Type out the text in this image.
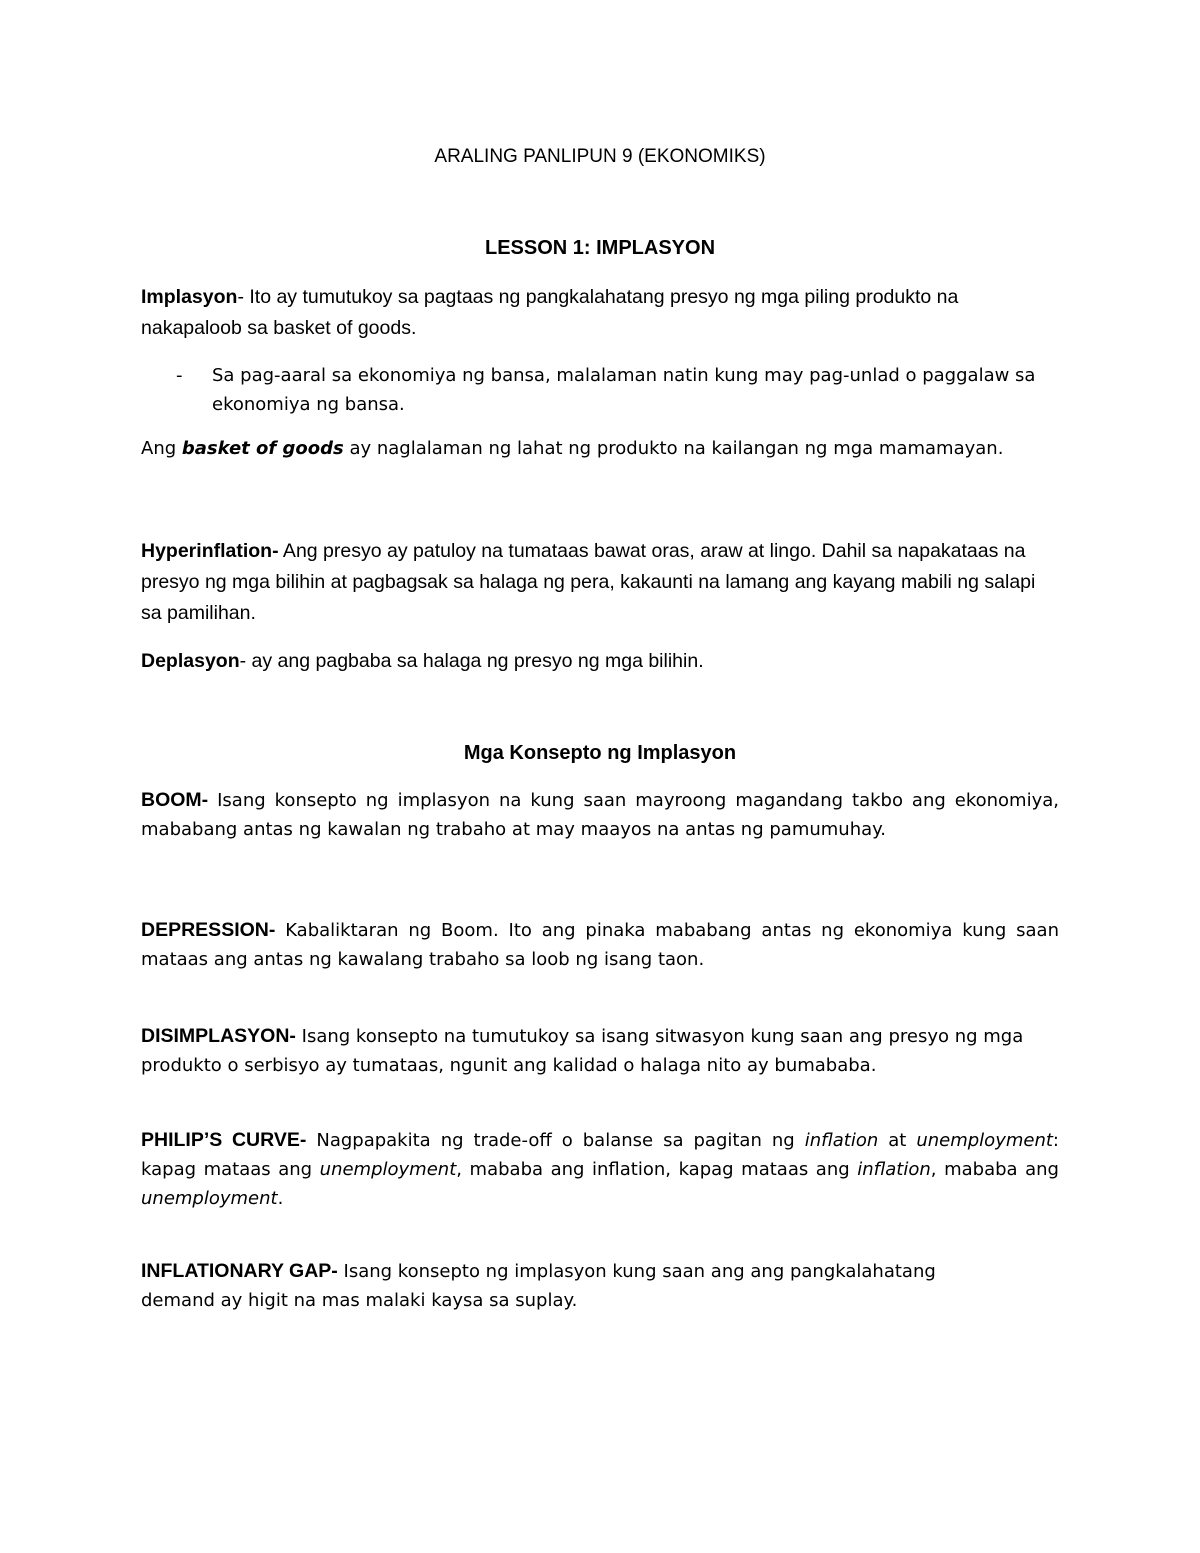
ARALING PANLIPUN 9 (EKONOMIKS)
LESSON 1: IMPLASYON
Implasyon- Ito ay tumutukoy sa pagtaas ng pangkalahatang presyo ng mga piling produkto na nakapaloob sa basket of goods.
- Sa pag-aaral sa ekonomiya ng bansa, malalaman natin kung may pag-unlad o paggalaw sa ekonomiya ng bansa.
Ang basket of goods ay naglalaman ng lahat ng produkto na kailangan ng mga mamamayan.
Hyperinflation- Ang presyo ay patuloy na tumataas bawat oras, araw at lingo. Dahil sa napakataas na presyo ng mga bilihin at pagbagsak sa halaga ng pera, kakaunti na lamang ang kayang mabili ng salapi sa pamilihan.
Deplasyon- ay ang pagbaba sa halaga ng presyo ng mga bilihin.
Mga Konsepto ng Implasyon
BOOM- Isang konsepto ng implasyon na kung saan mayroong magandang takbo ang ekonomiya, mababang antas ng kawalan ng trabaho at may maayos na antas ng pamumuhay.
DEPRESSION- Kabaliktaran ng Boom. Ito ang pinaka mababang antas ng ekonomiya kung saan mataas ang antas ng kawalang trabaho sa loob ng isang taon.
DISIMPLASYON- Isang konsepto na tumutukoy sa isang sitwasyon kung saan ang presyo ng mga produkto o serbisyo ay tumataas, ngunit ang kalidad o halaga nito ay bumababa.
PHILIP’S CURVE- Nagpapakita ng trade-off o balanse sa pagitan ng inflation at unemployment: kapag mataas ang unemployment, mababa ang inflation, kapag mataas ang inflation, mababa ang unemployment.
INFLATIONARY GAP- Isang konsepto ng implasyon kung saan ang ang pangkalahatang demand ay higit na mas malaki kaysa sa suplay.
